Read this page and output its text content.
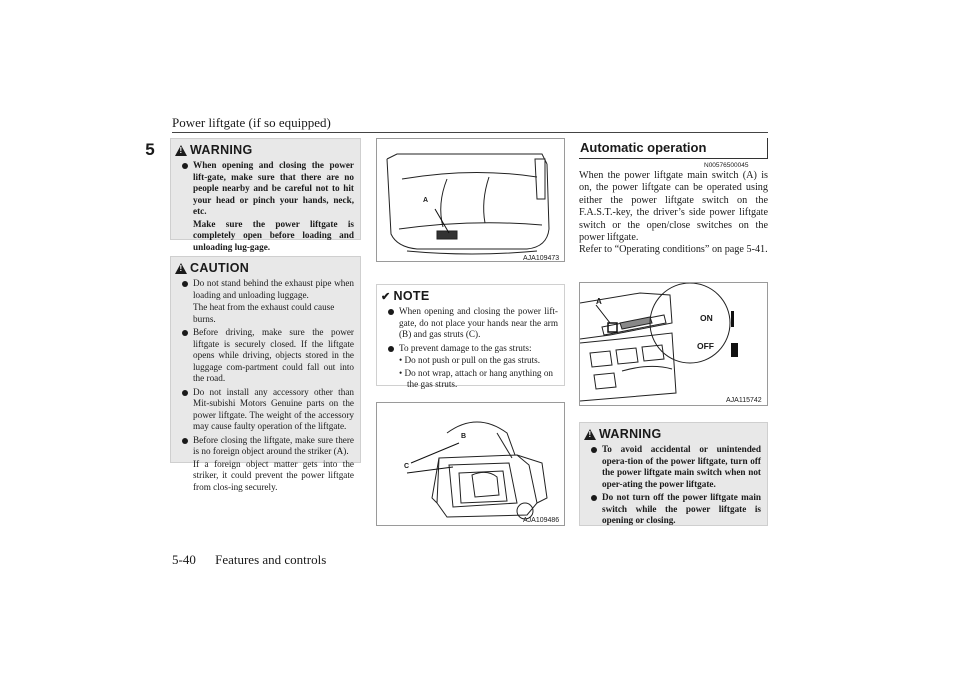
Power liftgate (if so equipped)
5
!	WARNING
When opening and closing the power lift-gate, make sure that there are no people nearby and be careful not to hit your head or pinch your hands, neck, etc.
Make sure the power liftgate is completely open before loading and unloading lug-gage.
!
CAUTION
Do not stand behind the exhaust pipe when loading and unloading luggage.
The heat from the exhaust could cause burns.
Before driving, make sure the power liftgate is securely closed. If the liftgate opens while driving, objects stored in the luggage com-partment could fall out into the road.
Do not install any accessory other than Mit-subishi Motors Genuine parts on the power liftgate. The weight of the accessory may cause faulty operation of the liftgate.
Before closing the liftgate, make sure there is no foreign object around the striker (A).
If a foreign object matter gets into the striker, it could prevent the power liftgate from clos-ing securely.
A
AJA109473
✔ NOTE
When opening and closing the power lift-gate, do not place your hands near the arm (B) and gas struts (C).
To prevent damage to the gas struts:
• Do not push or pull on the gas struts.
• Do not wrap, attach or hang anything on the gas struts.
B
C
AJA109486
Automatic operation
N00576500045
When the power liftgate main switch (A) is on, the power liftgate can be operated using either the power liftgate switch on the F.A.S.T.-key, the driver’s side power liftgate switch or the open/close switches on the power liftgate.
Refer to “Operating conditions” on page 5-41.
A
ON
OFF
AJA115742
!
WARNING
To avoid accidental or unintended opera-tion of the power liftgate, turn off the power liftgate main switch when not oper-ating the power liftgate.
Do not turn off the power liftgate main switch while the power liftgate is opening or closing.
5-40 Features and controls
